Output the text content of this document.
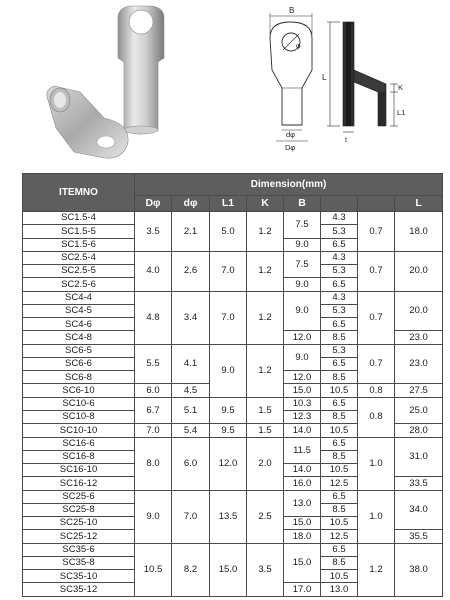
B
φ
dφ
Dφ
L
K
L1
t
ITEMNO	Dimension(mm)							
	Dφ	dφ	L1	K	B			L
SC1.5-4	3.5	2.1	5.0	1.2	7.5	4.3	0.7	18.0
SC1.5-5						5.3		
SC1.5-6					9.0	6.5		
SC2.5-4	4.0	2.6	7.0	1.2	7.5	4.3	0.7	20.0
SC2.5-5						5.3		
SC2.5-6					9.0	6.5		
SC4-4	4.8	3.4	7.0	1.2	9.0	4.3	0.7	20.0
SC4-5						5.3		
SC4-6						6.5		
SC4-8					12.0	8.5		23.0
SC6-5	5.5	4.1	9.0	1.2	9.0	5.3	0.7	23.0
SC6-6						6.5		
SC6-8					12.0	8.5		
SC6-10	6.0	4.5			15.0	10.5	0.8	27.5
SC10-6	6.7	5.1	9.5	1.5	10.3	6.5	0.8	25.0
SC10-8					12.3	8.5		
SC10-10	7.0	5.4	9.5	1.5	14.0	10.5		28.0
SC16-6	8.0	6.0	12.0	2.0	11.5	6.5	1.0	31.0
SC16-8						8.5		
SC16-10					14.0	10.5		
SC16-12					16.0	12.5		33.5
SC25-6	9.0	7.0	13.5	2.5	13.0	6.5	1.0	34.0
SC25-8						8.5		
SC25-10					15.0	10.5		
SC25-12					18.0	12.5		35.5
SC35-6	10.5	8.2	15.0	3.5	15.0	6.5	1.2	38.0
SC35-8						8.5		
SC35-10						10.5		
SC35-12					17.0	13.0		
